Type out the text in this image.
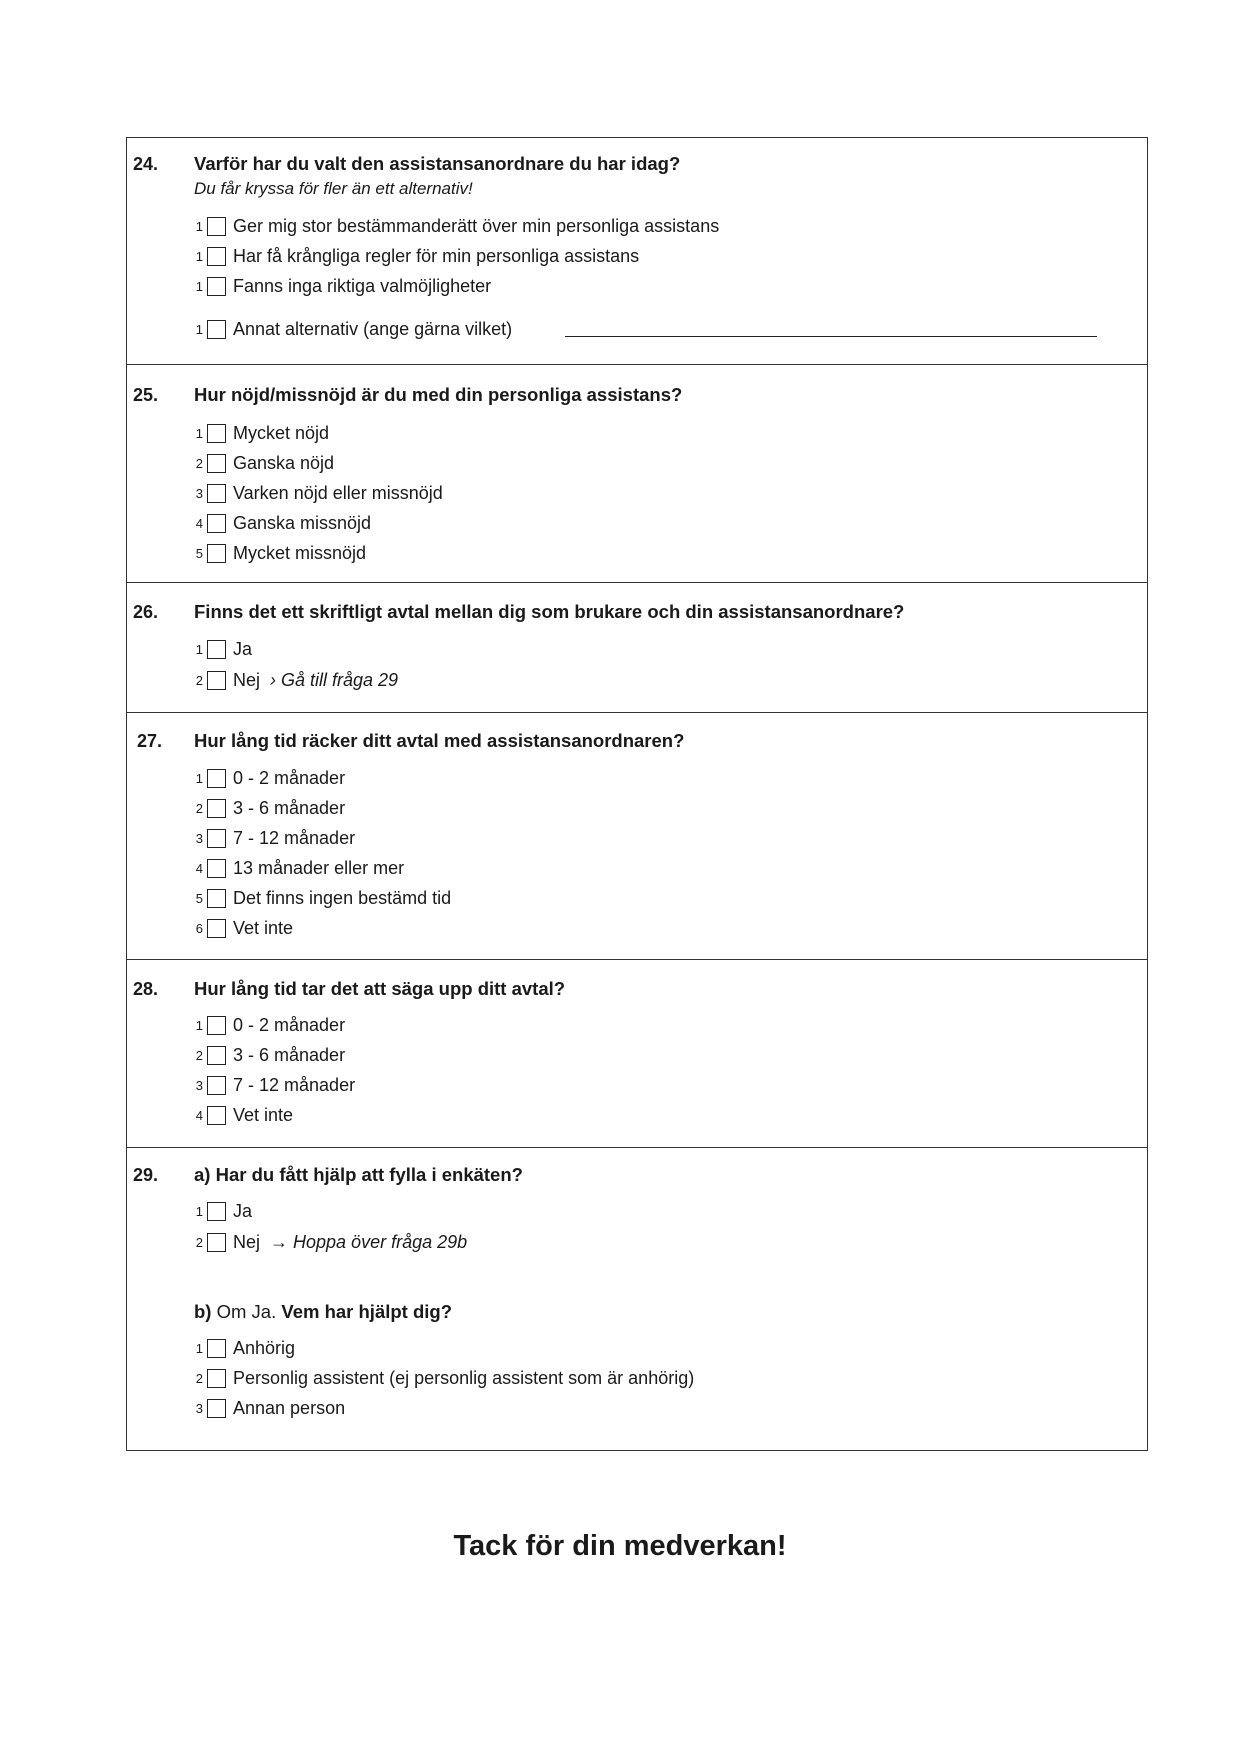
24. Varför har du valt den assistansanordnare du har idag?
Du får kryssa för fler än ett alternativ!
1 Ger mig stor bestämmanderätt över min personliga assistans
1 Har få krångliga regler för min personliga assistans
1 Fanns inga riktiga valmöjligheter
1 Annat alternativ (ange gärna vilket)
25. Hur nöjd/missnöjd är du med din personliga assistans?
1 Mycket nöjd
2 Ganska nöjd
3 Varken nöjd eller missnöjd
4 Ganska missnöjd
5 Mycket missnöjd
26. Finns det ett skriftligt avtal mellan dig som brukare och din assistansanordnare?
1 Ja
2 Nej › Gå till fråga 29
27. Hur lång tid räcker ditt avtal med assistansanordnaren?
1 0 - 2 månader
2 3 - 6 månader
3 7 - 12 månader
4 13 månader eller mer
5 Det finns ingen bestämd tid
6 Vet inte
28. Hur lång tid tar det att säga upp ditt avtal?
1 0 - 2 månader
2 3 - 6 månader
3 7 - 12 månader
4 Vet inte
29. a) Har du fått hjälp att fylla i enkäten?
1 Ja
2 Nej → Hoppa över fråga 29b
b) Om Ja. Vem har hjälpt dig?
1 Anhörig
2 Personlig assistent (ej personlig assistent som är anhörig)
3 Annan person
Tack för din medverkan!
